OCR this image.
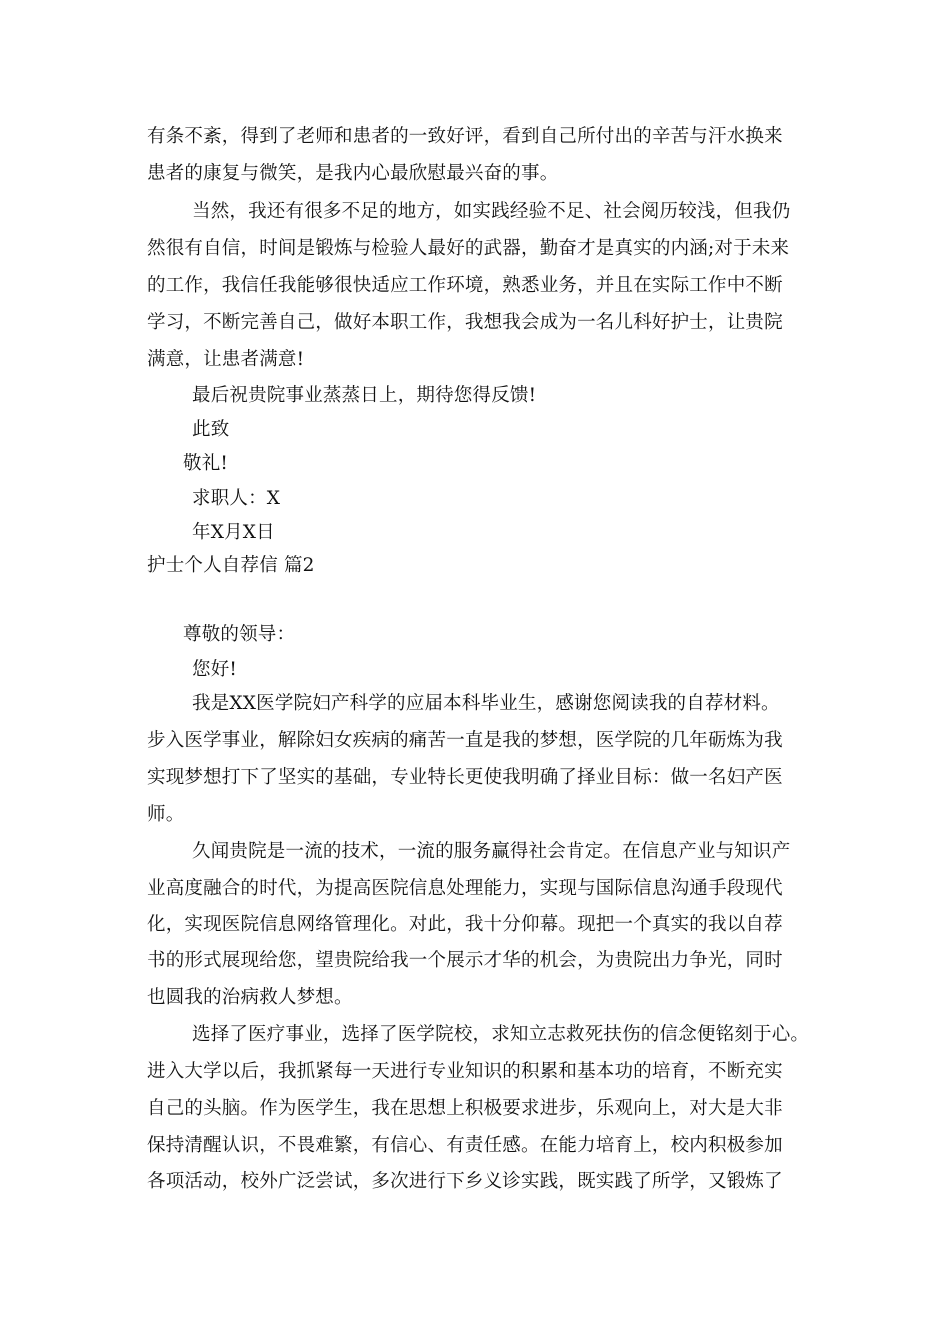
有条不紊，得到了老师和患者的一致好评，看到自己所付出的辛苦与汗水换来
患者的康复与微笑，是我内心最欣慰最兴奋的事。
当然，我还有很多不足的地方，如实践经验不足、社会阅历较浅，但我仍
然很有自信，时间是锻炼与检验人最好的武器，勤奋才是真实的内涵;对于未来
的工作，我信任我能够很快适应工作环境，熟悉业务，并且在实际工作中不断
学习，不断完善自己，做好本职工作，我想我会成为一名儿科好护士，让贵院
满意，让患者满意!
最后祝贵院事业蒸蒸日上，期待您得反馈!
此致
敬礼!
求职人：X
年X月X日
护士个人自荐信 篇2
尊敬的领导：
您好!
我是XX医学院妇产科学的应届本科毕业生，感谢您阅读我的自荐材料。
步入医学事业，解除妇女疾病的痛苦一直是我的梦想，医学院的几年砺炼为我
实现梦想打下了坚实的基础，专业特长更使我明确了择业目标：做一名妇产医
师。
久闻贵院是一流的技术，一流的服务赢得社会肯定。在信息产业与知识产
业高度融合的时代，为提高医院信息处理能力，实现与国际信息沟通手段现代
化，实现医院信息网络管理化。对此，我十分仰幕。现把一个真实的我以自荐
书的形式展现给您，望贵院给我一个展示才华的机会，为贵院出力争光，同时
也圆我的治病救人梦想。
选择了医疗事业，选择了医学院校，求知立志救死扶伤的信念便铭刻于心。
进入大学以后，我抓紧每一天进行专业知识的积累和基本功的培育，不断充实
自己的头脑。作为医学生，我在思想上积极要求进步，乐观向上，对大是大非
保持清醒认识，不畏难繁，有信心、有责任感。在能力培育上，校内积极参加
各项活动，校外广泛尝试，多次进行下乡义诊实践，既实践了所学，又锻炼了
